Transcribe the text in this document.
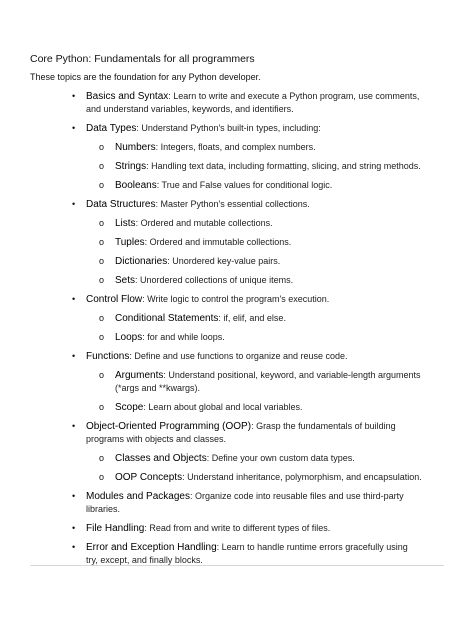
Core Python: Fundamentals for all programmers
These topics are the foundation for any Python developer.
• Basics and Syntax: Learn to write and execute a Python program, use comments, and understand variables, keywords, and identifiers.
• Data Types: Understand Python's built-in types, including:
o Numbers: Integers, floats, and complex numbers.
o Strings: Handling text data, including formatting, slicing, and string methods.
o Booleans: True and False values for conditional logic.
• Data Structures: Master Python's essential collections.
o Lists: Ordered and mutable collections.
o Tuples: Ordered and immutable collections.
o Dictionaries: Unordered key-value pairs.
o Sets: Unordered collections of unique items.
• Control Flow: Write logic to control the program's execution.
o Conditional Statements: if, elif, and else.
o Loops: for and while loops.
• Functions: Define and use functions to organize and reuse code.
o Arguments: Understand positional, keyword, and variable-length arguments (*args and **kwargs).
o Scope: Learn about global and local variables.
• Object-Oriented Programming (OOP): Grasp the fundamentals of building programs with objects and classes.
o Classes and Objects: Define your own custom data types.
o OOP Concepts: Understand inheritance, polymorphism, and encapsulation.
• Modules and Packages: Organize code into reusable files and use third-party libraries.
• File Handling: Read from and write to different types of files.
• Error and Exception Handling: Learn to handle runtime errors gracefully using try, except, and finally blocks.
